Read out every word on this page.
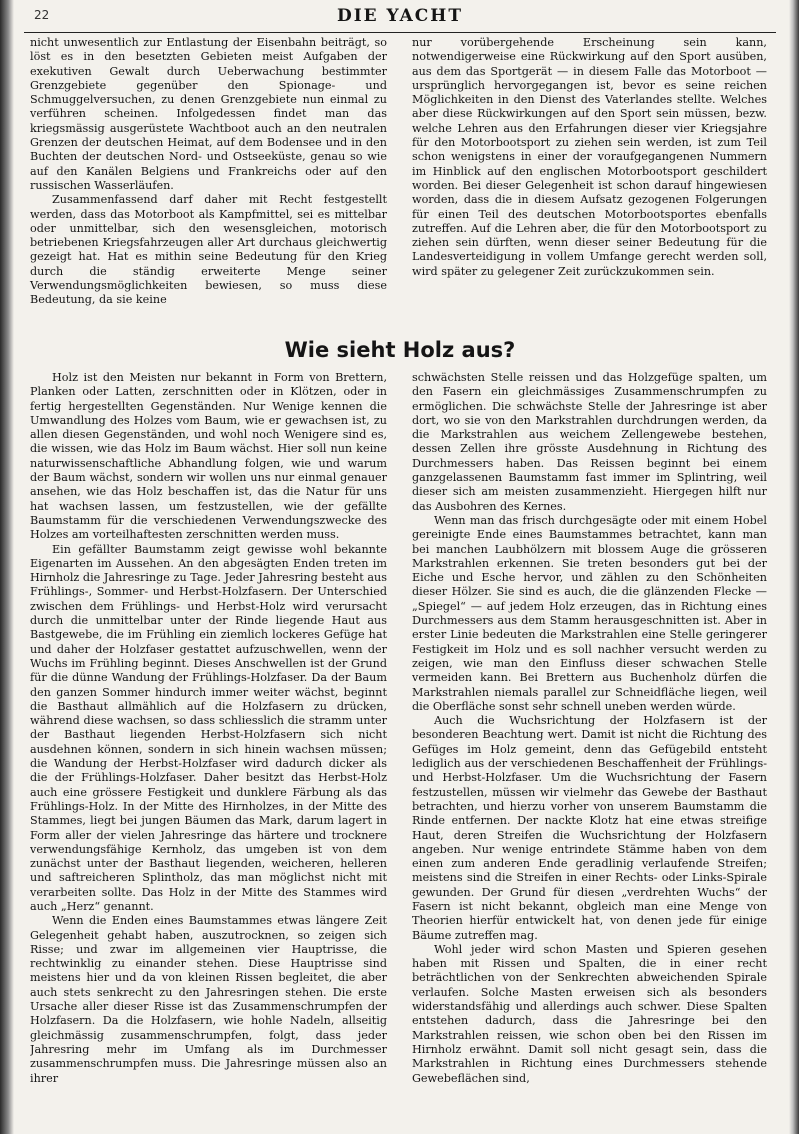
22	DIE YACHT

nicht unwesentlich zur Entlastung der Eisenbahn beiträgt, so löst es in den besetzten Gebieten meist Aufgaben der exekutiven Gewalt durch Ueberwachung bestimmter Grenzgebiete gegenüber den Spionage- und Schmuggelversuchen, zu denen Grenzgebiete nun einmal zu verführen scheinen. Infolgedessen findet man das kriegsmässig ausgerüstete Wachtboot auch an den neutralen Grenzen der deutschen Heimat, auf dem Bodensee und in den Buchten der deutschen Nord- und Ostseeküste, genau so wie auf den Kanälen Belgiens und Frankreichs oder auf den russischen Wasserläufen.

Zusammenfassend darf daher mit Recht festgestellt werden, dass das Motorboot als Kampfmittel, sei es mittelbar oder unmittelbar, sich den wesensgleichen, motorisch betriebenen Kriegsfahrzeugen aller Art durchaus gleichwertig gezeigt hat. Hat es mithin seine Bedeutung für den Krieg durch die ständig erweiterte Menge seiner Verwendungsmöglichkeiten bewiesen, so muss diese Bedeutung, da sie keine

nur vorübergehende Erscheinung sein kann, notwendigerweise eine Rückwirkung auf den Sport ausüben, aus dem das Sportgerät — in diesem Falle das Motorboot — ursprünglich hervorgegangen ist, bevor es seine reichen Möglichkeiten in den Dienst des Vaterlandes stellte. Welches aber diese Rückwirkungen auf den Sport sein müssen, bezw. welche Lehren aus den Erfahrungen dieser vier Kriegsjahre für den Motorbootsport zu ziehen sein werden, ist zum Teil schon wenigstens in einer der voraufgegangenen Nummern im Hinblick auf den englischen Motorbootsport geschildert worden. Bei dieser Gelegenheit ist schon darauf hingewiesen worden, dass die in diesem Aufsatz gezogenen Folgerungen für einen Teil des deutschen Motorbootsportes ebenfalls zutreffen. Auf die Lehren aber, die für den Motorbootsport zu ziehen sein dürften, wenn dieser seiner Bedeutung für die Landesverteidigung in vollem Umfange gerecht werden soll, wird später zu gelegener Zeit zurückzukommen sein.

Wie sieht Holz aus?

Holz ist den Meisten nur bekannt in Form von Brettern, Planken oder Latten, zerschnitten oder in Klötzen, oder in fertig hergestellten Gegenständen. Nur Wenige kennen die Umwandlung des Holzes vom Baum, wie er gewachsen ist, zu allen diesen Gegenständen, und wohl noch Wenigere sind es, die wissen, wie das Holz im Baum wächst. Hier soll nun keine naturwissenschaftliche Abhandlung folgen, wie und warum der Baum wächst, sondern wir wollen uns nur einmal genauer ansehen, wie das Holz beschaffen ist, das die Natur für uns hat wachsen lassen, um festzustellen, wie der gefällte Baumstamm für die verschiedenen Verwendungszwecke des Holzes am vorteilhaftesten zerschnitten werden muss.

Ein gefällter Baumstamm zeigt gewisse wohl bekannte Eigenarten im Aussehen. An den abgesägten Enden treten im Hirnholz die Jahresringe zu Tage. Jeder Jahresring besteht aus Frühlings-, Sommer- und Herbst-Holzfasern. Der Unterschied zwischen dem Frühlings- und Herbst-Holz wird verursacht durch die unmittelbar unter der Rinde liegende Haut aus Bastgewebe, die im Frühling ein ziemlich lockeres Gefüge hat und daher der Holzfaser gestattet aufzuschwellen, wenn der Wuchs im Frühling beginnt. Dieses Anschwellen ist der Grund für die dünne Wandung der Frühlings-Holzfaser. Da der Baum den ganzen Sommer hindurch immer weiter wächst, beginnt die Basthaut allmählich auf die Holzfasern zu drücken, während diese wachsen, so dass schliesslich die stramm unter der Basthaut liegenden Herbst-Holzfasern sich nicht ausdehnen können, sondern in sich hinein wachsen müssen; die Wandung der Herbst-Holzfaser wird dadurch dicker als die der Frühlings-Holzfaser. Daher besitzt das Herbst-Holz auch eine grössere Festigkeit und dunklere Färbung als das Frühlings-Holz. In der Mitte des Hirnholzes, in der Mitte des Stammes, liegt bei jungen Bäumen das Mark, darum lagert in Form aller der vielen Jahresringe das härtere und trocknere verwendungsfähige Kernholz, das umgeben ist von dem zunächst unter der Basthaut liegenden, weicheren, helleren und saftreicheren Splintholz, das man möglichst nicht mit verarbeiten sollte. Das Holz in der Mitte des Stammes wird auch „Herz“ genannt.

Wenn die Enden eines Baumstammes etwas längere Zeit Gelegenheit gehabt haben, auszutrocknen, so zeigen sich Risse; und zwar im allgemeinen vier Hauptrisse, die rechtwinklig zu einander stehen. Diese Hauptrisse sind meistens hier und da von kleinen Rissen begleitet, die aber auch stets senkrecht zu den Jahresringen stehen. Die erste Ursache aller dieser Risse ist das Zusammenschrumpfen der Holzfasern. Da die Holzfasern, wie hohle Nadeln, allseitig gleichmässig zusammenschrumpfen, folgt, dass jeder Jahresring mehr im Umfang als im Durchmesser zusammenschrumpfen muss. Die Jahresringe müssen also an ihrer

schwächsten Stelle reissen und das Holzgefüge spalten, um den Fasern ein gleichmässiges Zusammenschrumpfen zu ermöglichen. Die schwächste Stelle der Jahresringe ist aber dort, wo sie von den Markstrahlen durchdrungen werden, da die Markstrahlen aus weichem Zellengewebe bestehen, dessen Zellen ihre grösste Ausdehnung in Richtung des Durchmessers haben. Das Reissen beginnt bei einem ganzgelassenen Baumstamm fast immer im Splintring, weil dieser sich am meisten zusammenzieht. Hiergegen hilft nur das Ausbohren des Kernes.

Wenn man das frisch durchgesägte oder mit einem Hobel gereinigte Ende eines Baumstammes betrachtet, kann man bei manchen Laubhölzern mit blossem Auge die grösseren Markstrahlen erkennen. Sie treten besonders gut bei der Eiche und Esche hervor, und zählen zu den Schönheiten dieser Hölzer. Sie sind es auch, die die glänzenden Flecke — „Spiegel“ — auf jedem Holz erzeugen, das in Richtung eines Durchmessers aus dem Stamm herausgeschnitten ist. Aber in erster Linie bedeuten die Markstrahlen eine Stelle geringerer Festigkeit im Holz und es soll nachher versucht werden zu zeigen, wie man den Einfluss dieser schwachen Stelle vermeiden kann. Bei Brettern aus Buchenholz dürfen die Markstrahlen niemals parallel zur Schneidfläche liegen, weil die Oberfläche sonst sehr schnell uneben werden würde.

Auch die Wuchsrichtung der Holzfasern ist der besonderen Beachtung wert. Damit ist nicht die Richtung des Gefüges im Holz gemeint, denn das Gefügebild entsteht lediglich aus der verschiedenen Beschaffenheit der Frühlings- und Herbst-Holzfaser. Um die Wuchsrichtung der Fasern festzustellen, müssen wir vielmehr das Gewebe der Basthaut betrachten, und hierzu vorher von unserem Baumstamm die Rinde entfernen. Der nackte Klotz hat eine etwas streifige Haut, deren Streifen die Wuchsrichtung der Holzfasern angeben. Nur wenige entrindete Stämme haben von dem einen zum anderen Ende geradlinig verlaufende Streifen; meistens sind die Streifen in einer Rechts- oder Links-Spirale gewunden. Der Grund für diesen „verdrehten Wuchs“ der Fasern ist nicht bekannt, obgleich man eine Menge von Theorien hierfür entwickelt hat, von denen jede für einige Bäume zutreffen mag.

Wohl jeder wird schon Masten und Spieren gesehen haben mit Rissen und Spalten, die in einer recht beträchtlichen von der Senkrechten abweichenden Spirale verlaufen. Solche Masten erweisen sich als besonders widerstandsfähig und allerdings auch schwer. Diese Spalten entstehen dadurch, dass die Jahresringe bei den Markstrahlen reissen, wie schon oben bei den Rissen im Hirnholz erwähnt. Damit soll nicht gesagt sein, dass die Markstrahlen in Richtung eines Durchmessers stehende Gewebeflächen sind,
